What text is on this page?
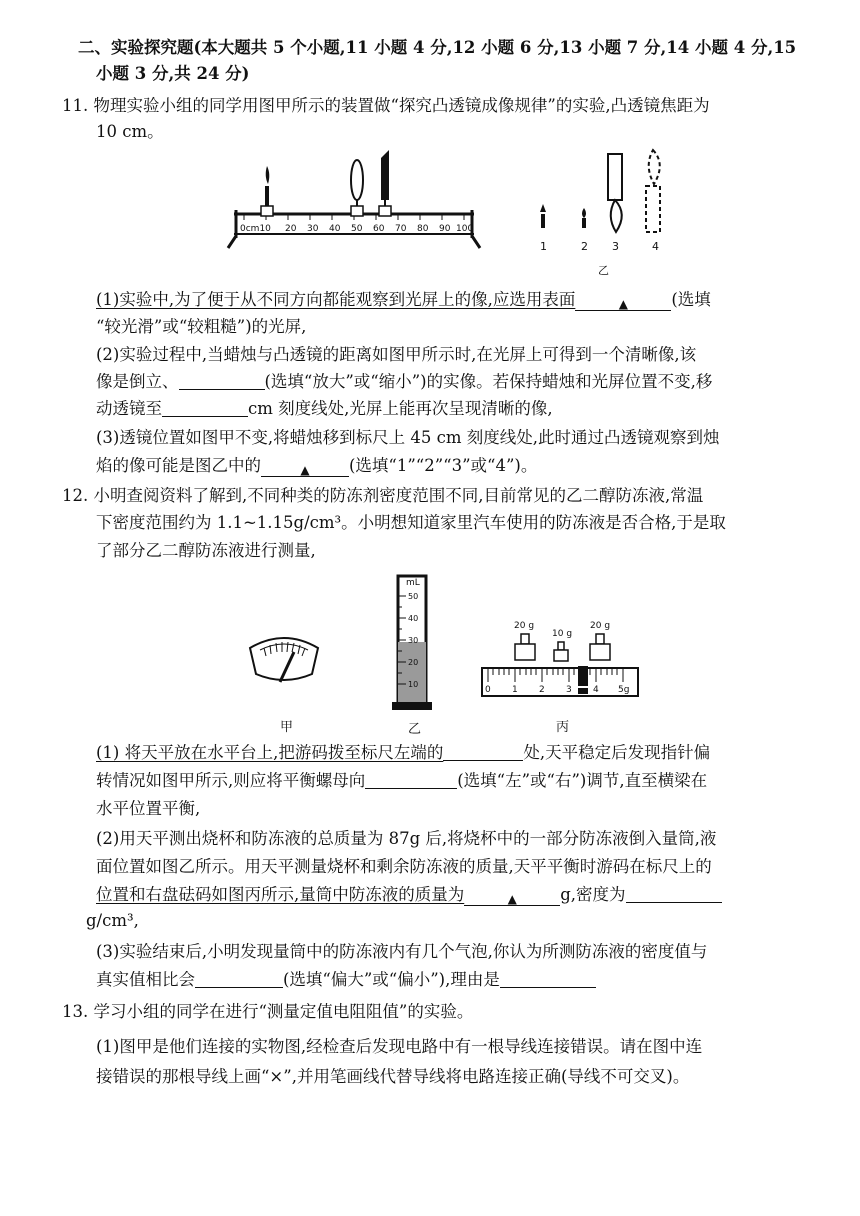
二、实验探究题(本大题共 5 个小题,11 小题 4 分,12 小题 6 分,13 小题 7 分,14 小题 4 分,15
小题 3 分,共 24 分)
11. 物理实验小组的同学用图甲所示的装置做“探究凸透镜成像规律”的实验,凸透镜焦距为
10 cm。
0cm10 20 30 40 50 60 70 80 90 100
1	2 3	4
乙
(1)实验中,为了便于从不同方向都能观察到光屏上的像,应选用表面	▲	(选填
“较光滑”或“较粗糙”)的光屏,
(2)实验过程中,当蜡烛与凸透镜的距离如图甲所示时,在光屏上可得到一个清晰像,该
像是倒立、	(选填“放大”或“缩小”)的实像。若保持蜡烛和光屏位置不变,移
动透镜至	cm 刻度线处,光屏上能再次呈现清晰的像,
(3)透镜位置如图甲不变,将蜡烛移到标尺上 45 cm 刻度线处,此时通过凸透镜观察到烛
焰的像可能是图乙中的	▲ (选填“1”“2”“3”或“4”)。
12. 小明查阅资料了解到,不同种类的防冻剂密度范围不同,目前常见的乙二醇防冻液,常温
下密度范围约为 1.1~1.15g/cm³。小明想知道家里汽车使用的防冻液是否合格,于是取
了部分乙二醇防冻液进行测量,
mL
50
40
30
20
10
20 g
10 g
20 g
0 1 2 3 4 5g
甲	乙	丙
(1) 将天平放在水平台上,把游码拨至标尺左端的	处,天平稳定后发现指针偏
转情况如图甲所示,则应将平衡螺母向	(选填“左”或“右”)调节,直至横梁在
水平位置平衡,
(2)用天平测出烧杯和防冻液的总质量为 87g 后,将烧杯中的一部分防冻液倒入量筒,液
面位置如图乙所示。用天平测量烧杯和剩余防冻液的质量,天平平衡时游码在标尺上的
位置和右盘砝码如图丙所示,量筒中防冻液的质量为	▲	g,密度为
g/cm³,
(3)实验结束后,小明发现量筒中的防冻液内有几个气泡,你认为所测防冻液的密度值与
真实值相比会	(选填“偏大”或“偏小”),理由是
13. 学习小组的同学在进行“测量定值电阻阻值”的实验。
(1)图甲是他们连接的实物图,经检查后发现电路中有一根导线连接错误。请在图中连
接错误的那根导线上画“×”,并用笔画线代替导线将电路连接正确(导线不可交叉)。
